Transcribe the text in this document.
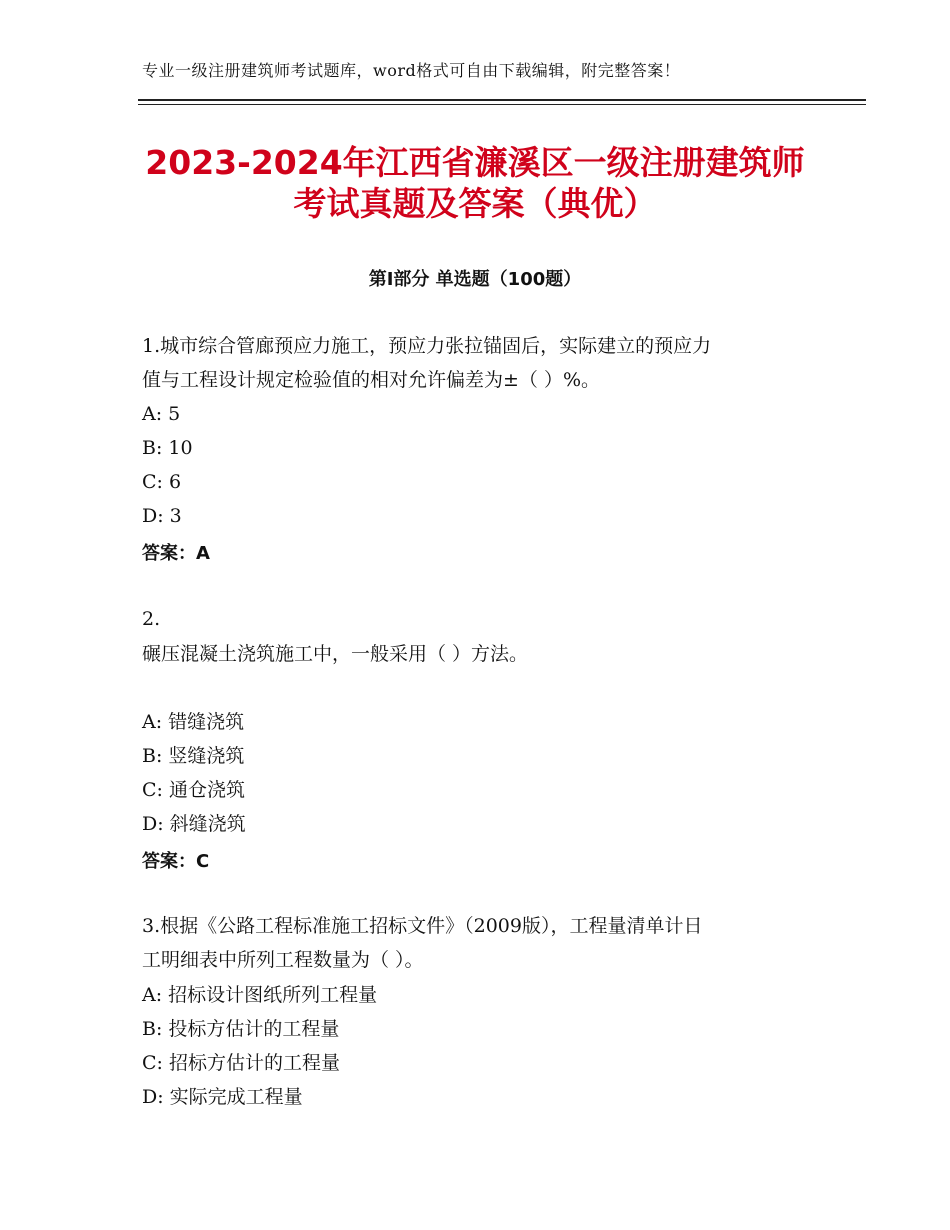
专业一级注册建筑师考试题库，word格式可自由下载编辑，附完整答案！
2023-2024年江西省濂溪区一级注册建筑师
考试真题及答案（典优）
第Ⅰ部分 单选题（100题）
1.城市综合管廊预应力施工，预应力张拉锚固后，实际建立的预应力
值与工程设计规定检验值的相对允许偏差为±（ ）%。
A: 5
B: 10
C: 6
D: 3
答案：A
2.
碾压混凝土浇筑施工中，一般采用（ ）方法。
A: 错缝浇筑
B: 竖缝浇筑
C: 通仓浇筑
D: 斜缝浇筑
答案：C
3.根据《公路工程标准施工招标文件》（2009版），工程量清单计日
工明细表中所列工程数量为（ ）。
A: 招标设计图纸所列工程量
B: 投标方估计的工程量
C: 招标方估计的工程量
D: 实际完成工程量
